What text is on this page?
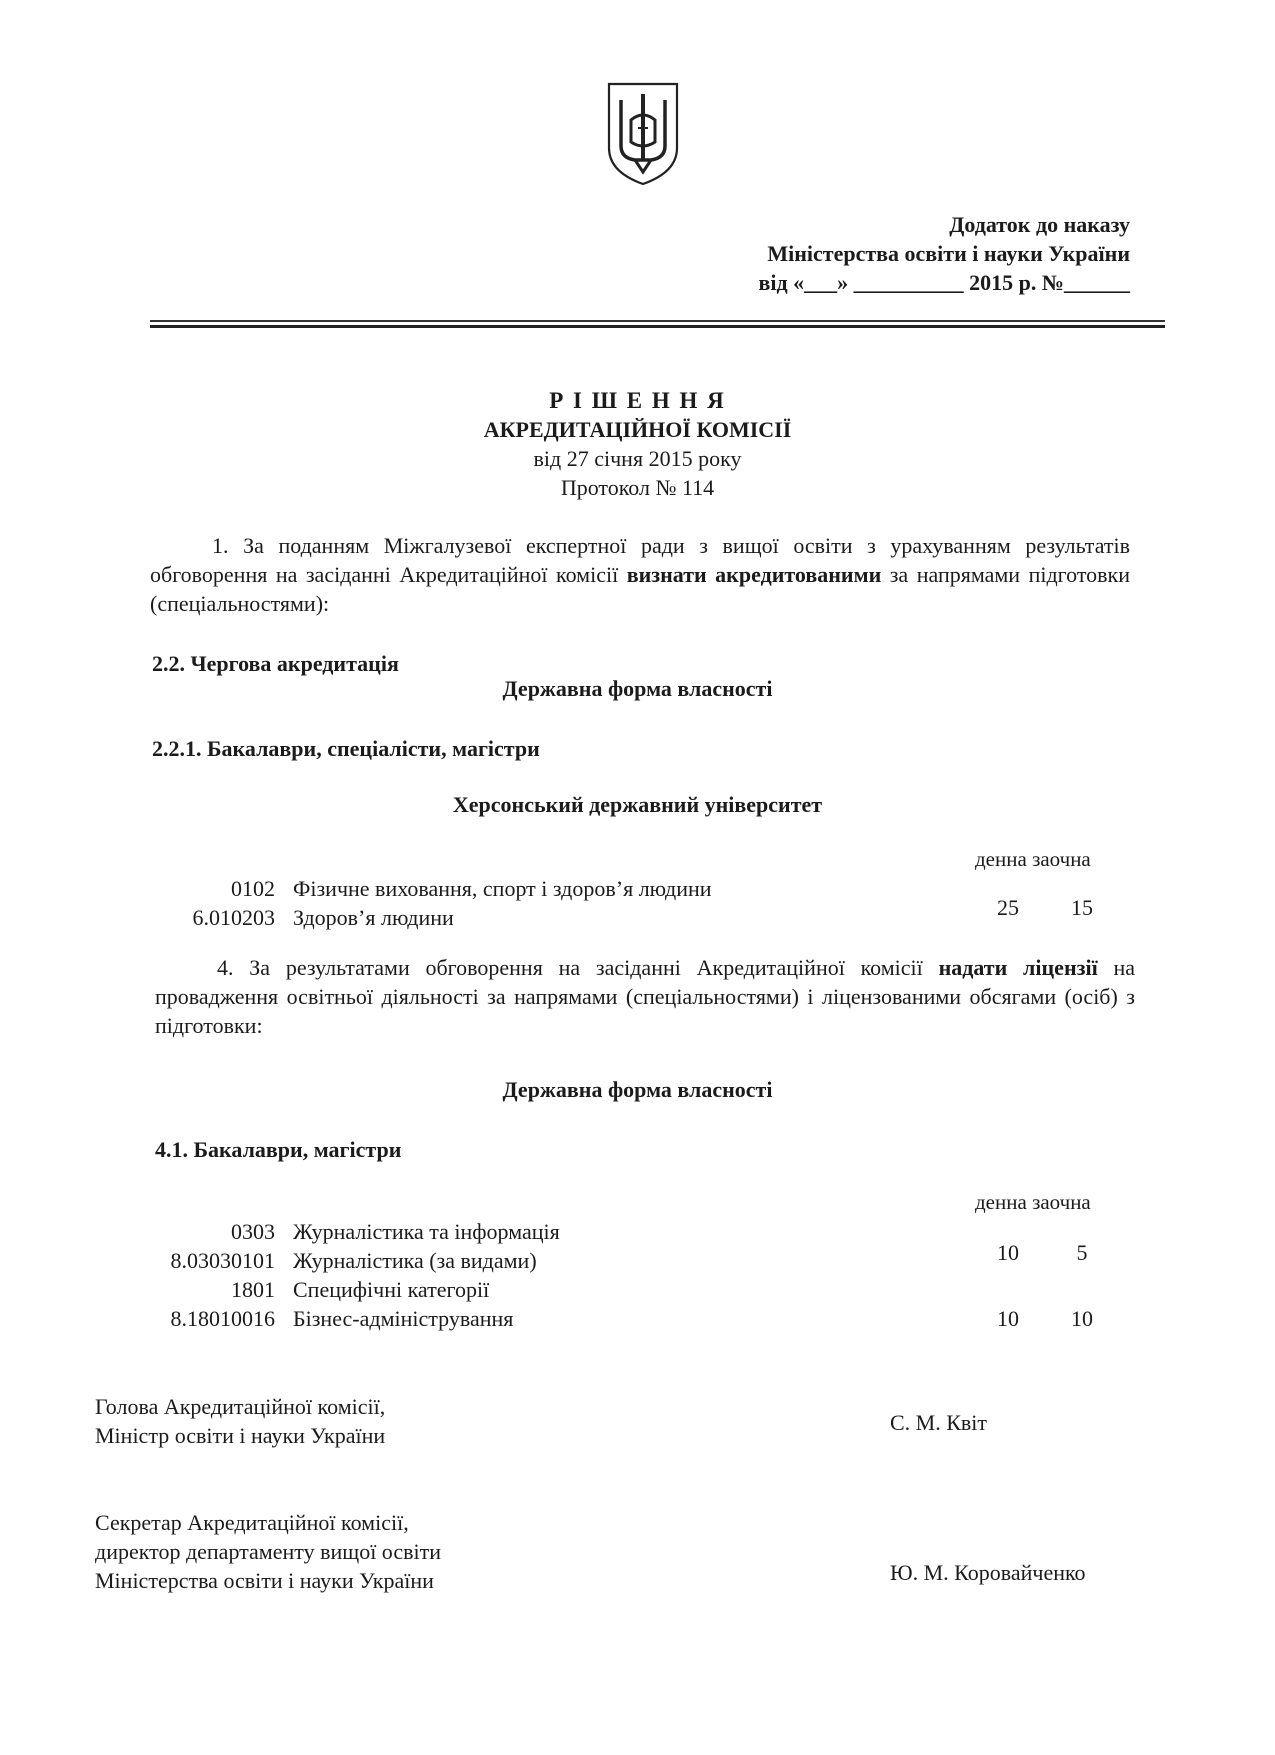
Додаток до наказу
Міністерства освіти і науки України
від «___» __________ 2015 р. №______
Р І Ш Е Н Н Я
АКРЕДИТАЦІЙНОЇ КОМІСІЇ
від 27 січня 2015 року
Протокол № 114
1. За поданням Міжгалузевої експертної ради з вищої освіти з урахуванням результатів обговорення на засіданні Акредитаційної комісії визнати акредитованими за напрямами підготовки (спеціальностями):
2.2. Чергова акредитація
Державна форма власності
2.2.1. Бакалаври, спеціалісти, магістри
Херсонський державний університет
денна заочна
0102 Фізичне виховання, спорт і здоров’я людини
6.010203 Здоров’я людини	25	15
4. За результатами обговорення на засіданні Акредитаційної комісії надати ліцензії на провадження освітньої діяльності за напрямами (спеціальностями) і ліцензованими обсягами (осіб) з підготовки:
Державна форма власності
4.1. Бакалаври, магістри
денна заочна
0303 Журналістика та інформація
8.03030101 Журналістика (за видами)	10	5
1801 Специфічні категорії
8.18010016 Бізнес-адміністрування	10	10
Голова Акредитаційної комісії,
Міністр освіти і науки України
С. М. Квіт
Секретар Акредитаційної комісії,
директор департаменту вищої освіти
Міністерства освіти і науки України	Ю. М. Коровайченко
